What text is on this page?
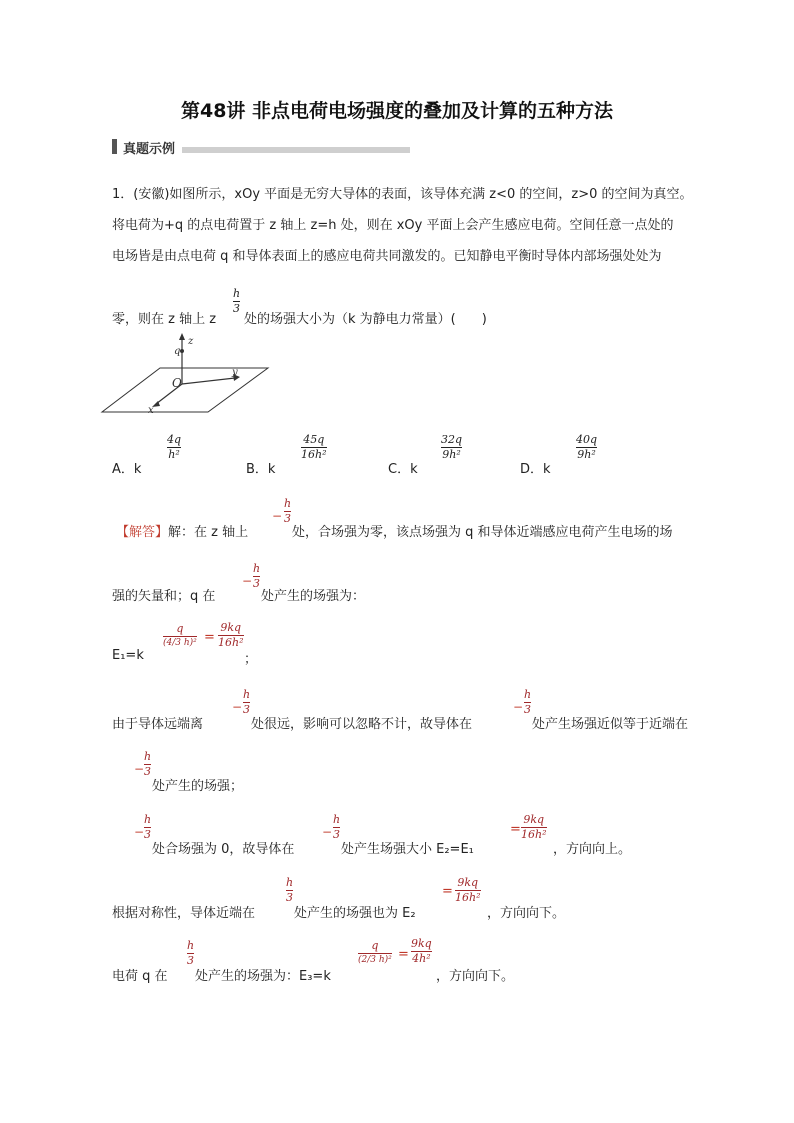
第48讲 非点电荷电场强度的叠加及计算的五种方法
真题示例
1．(安徽)如图所示，xOy 平面是无穷大导体的表面，该导体充满 z<0 的空间，z>0 的空间为真空。
将电荷为+q 的点电荷置于 z 轴上 z=h 处，则在 xOy 平面上会产生感应电荷。空间任意一点处的
电场皆是由点电荷 q 和导体表面上的感应电荷共同激发的。已知静电平衡时导体内部场强处处为
零，则在 z 轴上 z
h
3
处的场强大小为（k 为静电力常量）(　　)
q
z
O
y
x
A．k
4q
h²
B．k
45q
16h²
C．k
32q
9h²
D．k
40q
9h²
【解答】 解：在 z 轴上
−
h
3
处，合场强为零，该点场强为 q 和导体近端感应电荷产生电场的场
强的矢量和；q 在
−
h
3
处产生的场强为：
E₁=k
q
(4/3 h)² =
9kq
16h²
；
由于导体远端离
−
h
3
处很远，影响可以忽略不计，故导体在
−
h
3
处产生场强近似等于近端在
−
h
3
处产生的场强；
−
h
3
处合场强为 0，故导体在
−
h
3
处产生场强大小 E₂=E₁
=
9kq
16h²
，方向向上。
根据对称性，导体近端在
h
3
处产生的场强也为 E₂
=
9kq
16h²
，方向向下。
电荷 q 在
h
3
处产生的场强为：E₃=k
q
(2/3 h)² =
9kq
4h²
，方向向下。
